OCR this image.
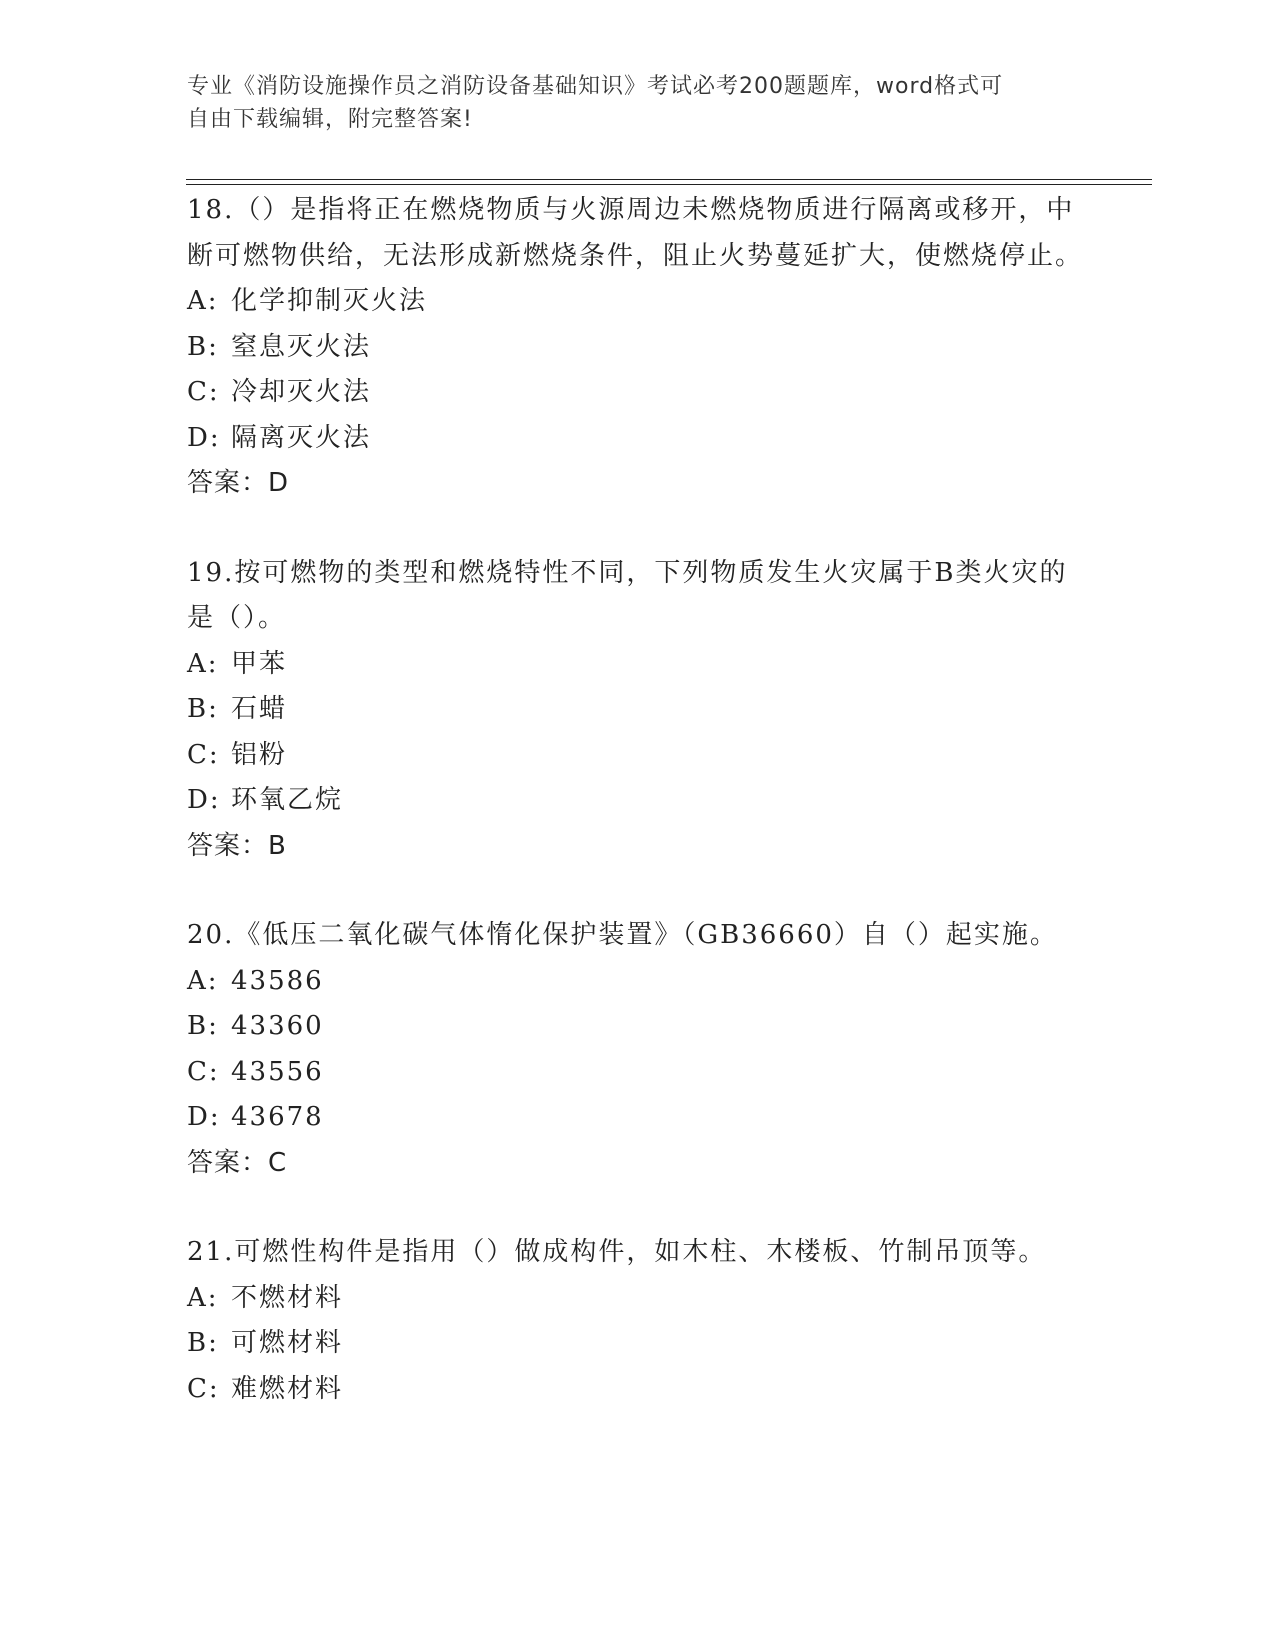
专业《消防设施操作员之消防设备基础知识》考试必考200题题库，word格式可
自由下载编辑，附完整答案!
18.（）是指将正在燃烧物质与火源周边未燃烧物质进行隔离或移开，中断可燃物供给，无法形成新燃烧条件，阻止火势蔓延扩大，使燃烧停止。
A: 化学抑制灭火法
B: 窒息灭火法
C: 冷却灭火法
D: 隔离灭火法
答案：D
19.按可燃物的类型和燃烧特性不同，下列物质发生火灾属于B类火灾的是（）。
A: 甲苯
B: 石蜡
C: 铝粉
D: 环氧乙烷
答案：B
20.《低压二氧化碳气体惰化保护装置》（GB36660）自（）起实施。
A: 43586
B: 43360
C: 43556
D: 43678
答案：C
21.可燃性构件是指用（）做成构件，如木柱、木楼板、竹制吊顶等。
A: 不燃材料
B: 可燃材料
C: 难燃材料
